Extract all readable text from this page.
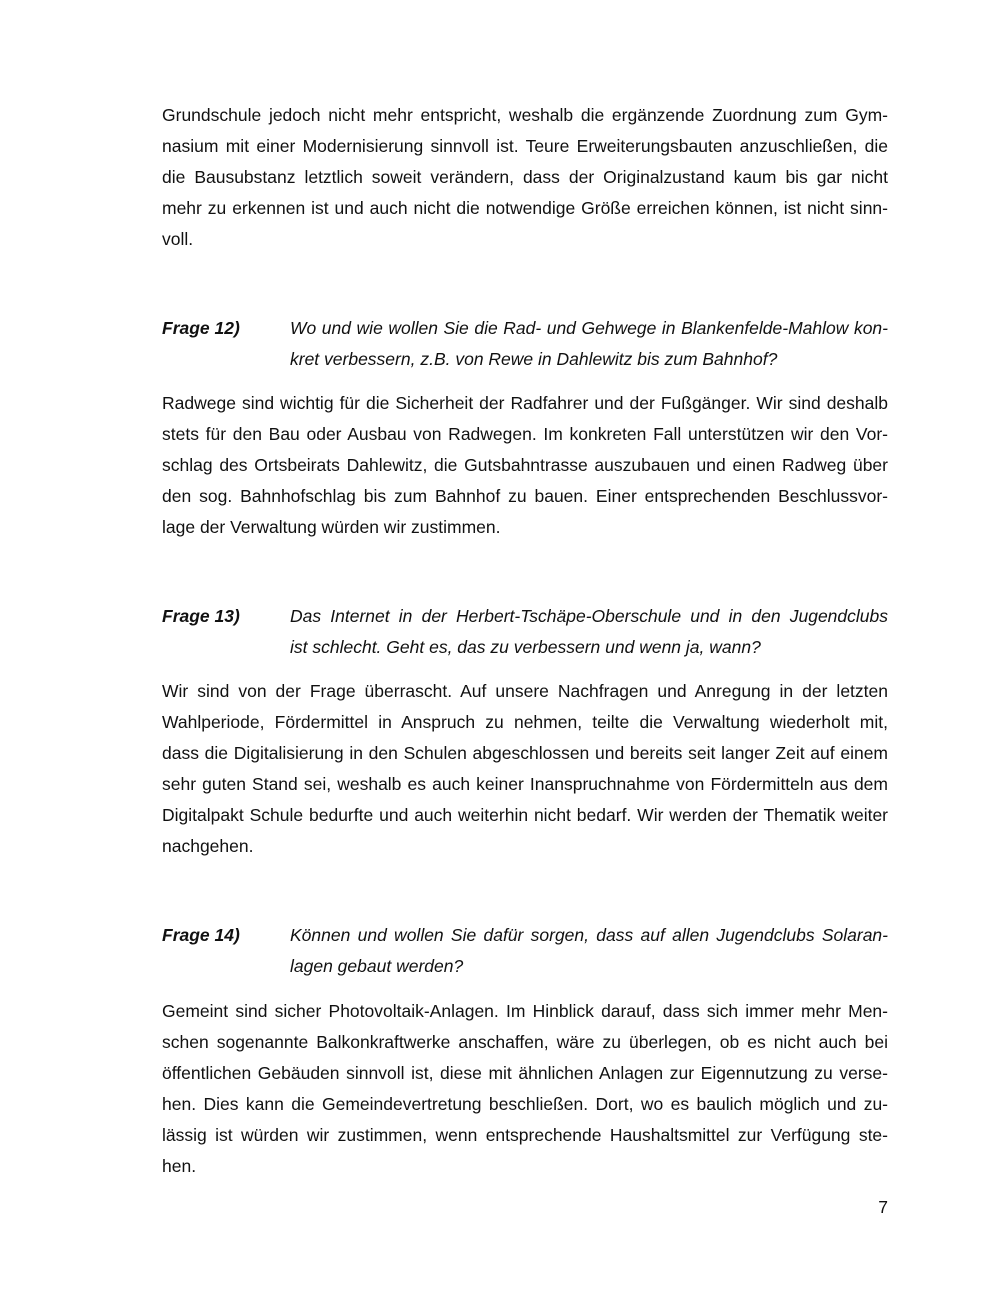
Grundschule jedoch nicht mehr entspricht, weshalb die ergänzende Zuordnung zum Gym-
nasium mit einer Modernisierung sinnvoll ist. Teure Erweiterungsbauten anzuschließen, die
die Bausubstanz letztlich soweit verändern, dass der Originalzustand kaum bis gar nicht
mehr zu erkennen ist und auch nicht die notwendige Größe erreichen können, ist nicht sinn-
voll.
Frage 12)	Wo und wie wollen Sie die Rad- und Gehwege in Blankenfelde-Mahlow kon-
kret verbessern, z.B. von Rewe in Dahlewitz bis zum Bahnhof?
Radwege sind wichtig für die Sicherheit der Radfahrer und der Fußgänger. Wir sind deshalb
stets für den Bau oder Ausbau von Radwegen. Im konkreten Fall unterstützen wir den Vor-
schlag des Ortsbeirats Dahlewitz, die Gutsbahntrasse auszubauen und einen Radweg über
den sog. Bahnhofschlag bis zum Bahnhof zu bauen. Einer entsprechenden Beschlussvor-
lage der Verwaltung würden wir zustimmen.
Frage 13)	Das Internet in der Herbert-Tschäpe-Oberschule und in den Jugendclubs
ist schlecht. Geht es, das zu verbessern und wenn ja, wann?
Wir sind von der Frage überrascht. Auf unsere Nachfragen und Anregung in der letzten
Wahlperiode, Fördermittel in Anspruch zu nehmen, teilte die Verwaltung wiederholt mit,
dass die Digitalisierung in den Schulen abgeschlossen und bereits seit langer Zeit auf einem
sehr guten Stand sei, weshalb es auch keiner Inanspruchnahme von Fördermitteln aus dem
Digitalpakt Schule bedurfte und auch weiterhin nicht bedarf. Wir werden der Thematik weiter
nachgehen.
Frage 14)	Können und wollen Sie dafür sorgen, dass auf allen Jugendclubs Solaran-
lagen gebaut werden?
Gemeint sind sicher Photovoltaik-Anlagen. Im Hinblick darauf, dass sich immer mehr Men-
schen sogenannte Balkonkraftwerke anschaffen, wäre zu überlegen, ob es nicht auch bei
öffentlichen Gebäuden sinnvoll ist, diese mit ähnlichen Anlagen zur Eigennutzung zu verse-
hen. Dies kann die Gemeindevertretung beschließen. Dort, wo es baulich möglich und zu-
lässig ist würden wir zustimmen, wenn entsprechende Haushaltsmittel zur Verfügung ste-
hen.
7
